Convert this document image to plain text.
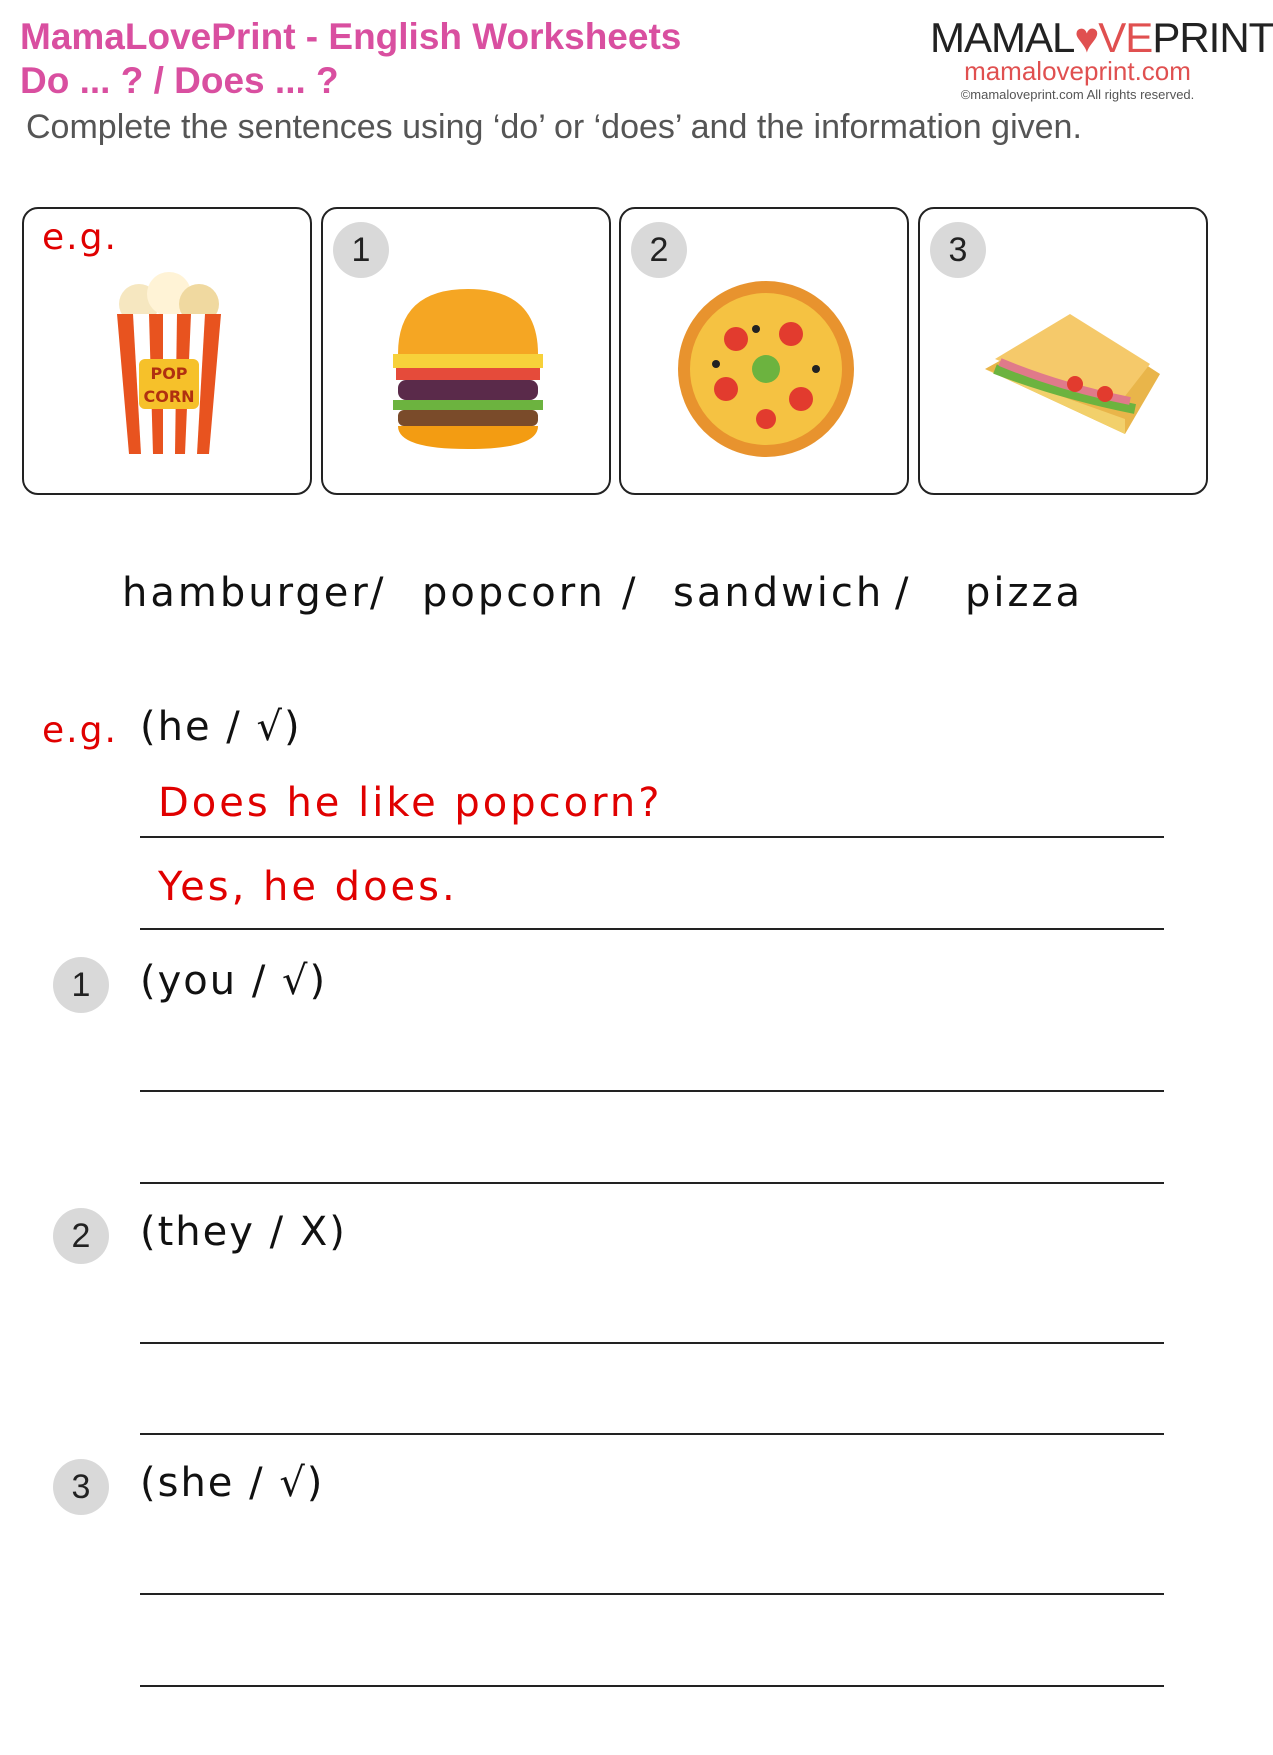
MamaLovePrint - English Worksheets
Do ... ? / Does ... ?
Complete the sentences using ‘do’ or ‘does’ and the information given.
MAMAL♥VEPRINT
mamaloveprint.com
©mamaloveprint.com All rights reserved.
e.g.
POP
CORN
1	2	3
hamburger / popcorn / sandwich / pizza
e.g. (he / √)
Does he like popcorn?
Yes, he does.
1	(you / √)
2	(they / X)
3	(she / √)
